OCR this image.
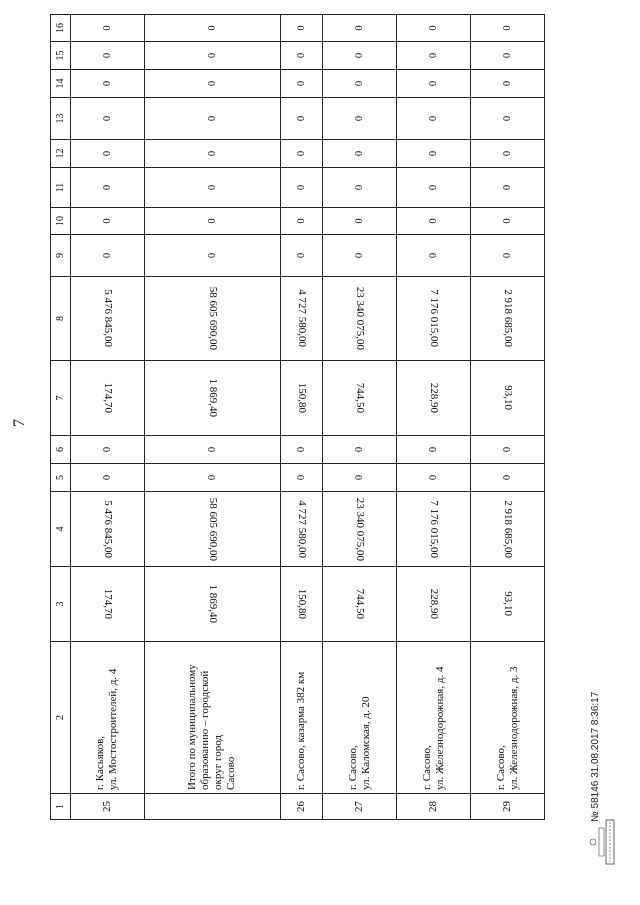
7
1	2	3	4	5	6	7	8	9	10	11	12	13	14	15	16
25	г. Касьяков, ул. Мостостроителей, д. 4	174,70	5 476 845,00	0	0	174,70	5 476 845,00	0	0	0	0	0	0	0	0

	Итого по муниципальному образованию – городской округ город Сасово	1 869,40	58 605 690,00	0	0	1 869,40	58 605 690,00	0	0	0	0	0	0	0	0
26	г. Сасово, казарма 382 км	150,80	4 727 580,00	0	0	150,80	4 727 580,00	0	0	0	0	0	0	0	0
27	г. Сасово, ул. Каломская, д. 20	744,50	23 340 075,00	0	0	744,50	23 340 075,00	0	0	0	0	0	0	0	0
28	г. Сасово, ул. Железнодорожная, д. 4	228,90	7 176 015,00	0	0	228,90	7 176 015,00	0	0	0	0	0	0	0	0
29	г. Сасово, ул. Железнодорожная, д. 3	93,10	2 918 685,00	0	0	93,10	2 918 685,00	0	0	0	0	0	0	0	0
№ 58146 31.08.2017 8:36:17
